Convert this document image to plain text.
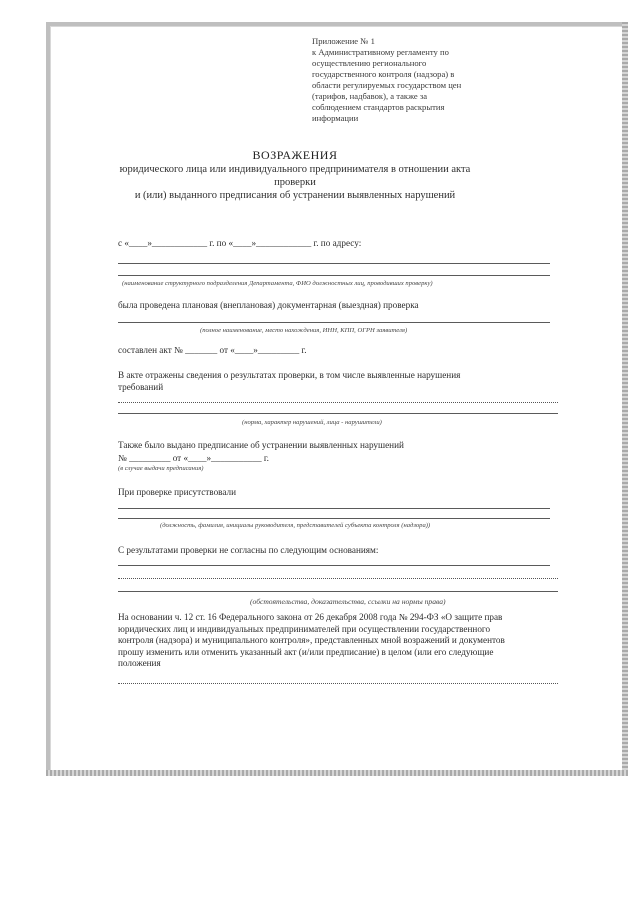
Приложение № 1
к Административному регламенту по
осуществлению регионального
государственного контроля (надзора) в
области регулируемых государством цен
(тарифов, надбавок), а также за
соблюдением стандартов раскрытия
информации
ВОЗРАЖЕНИЯ
юридического лица или индивидуального предпринимателя в отношении акта
проверки
и (или) выданного предписания об устранении выявленных нарушений
с «____»____________ г. по «____»____________ г. по адресу:
(наименование структурного подразделения Департамента, ФИО должностных лиц, проводивших проверку)
была проведена плановая (внеплановая) документарная (выездная) проверка
(полное наименование, место нахождения, ИНН, КПП, ОГРН заявителя)
составлен акт № _______ от «____»_________ г.
В акте отражены сведения о результатах проверки, в том числе выявленные нарушения
требований
(норма, характер нарушений, лица - нарушители)
Также было выдано предписание об устранении выявленных нарушений
№ _________ от «____»___________ г.
(в случае выдачи предписания)
При проверке присутствовали
(должность, фамилия, инициалы руководителя, представителей субъекта контроля (надзора))
С результатами проверки не согласны по следующим основаниям:
(обстоятельства, доказательства, ссылки на нормы права)
На основании ч. 12 ст. 16 Федерального закона от 26 декабря 2008 года № 294-ФЗ «О защите прав
юридических лиц и индивидуальных предпринимателей при осуществлении государственного
контроля (надзора) и муниципального контроля», представленных мной возражений и документов
прошу изменить или отменить указанный акт (и/или предписание) в целом (или его следующие
положения
